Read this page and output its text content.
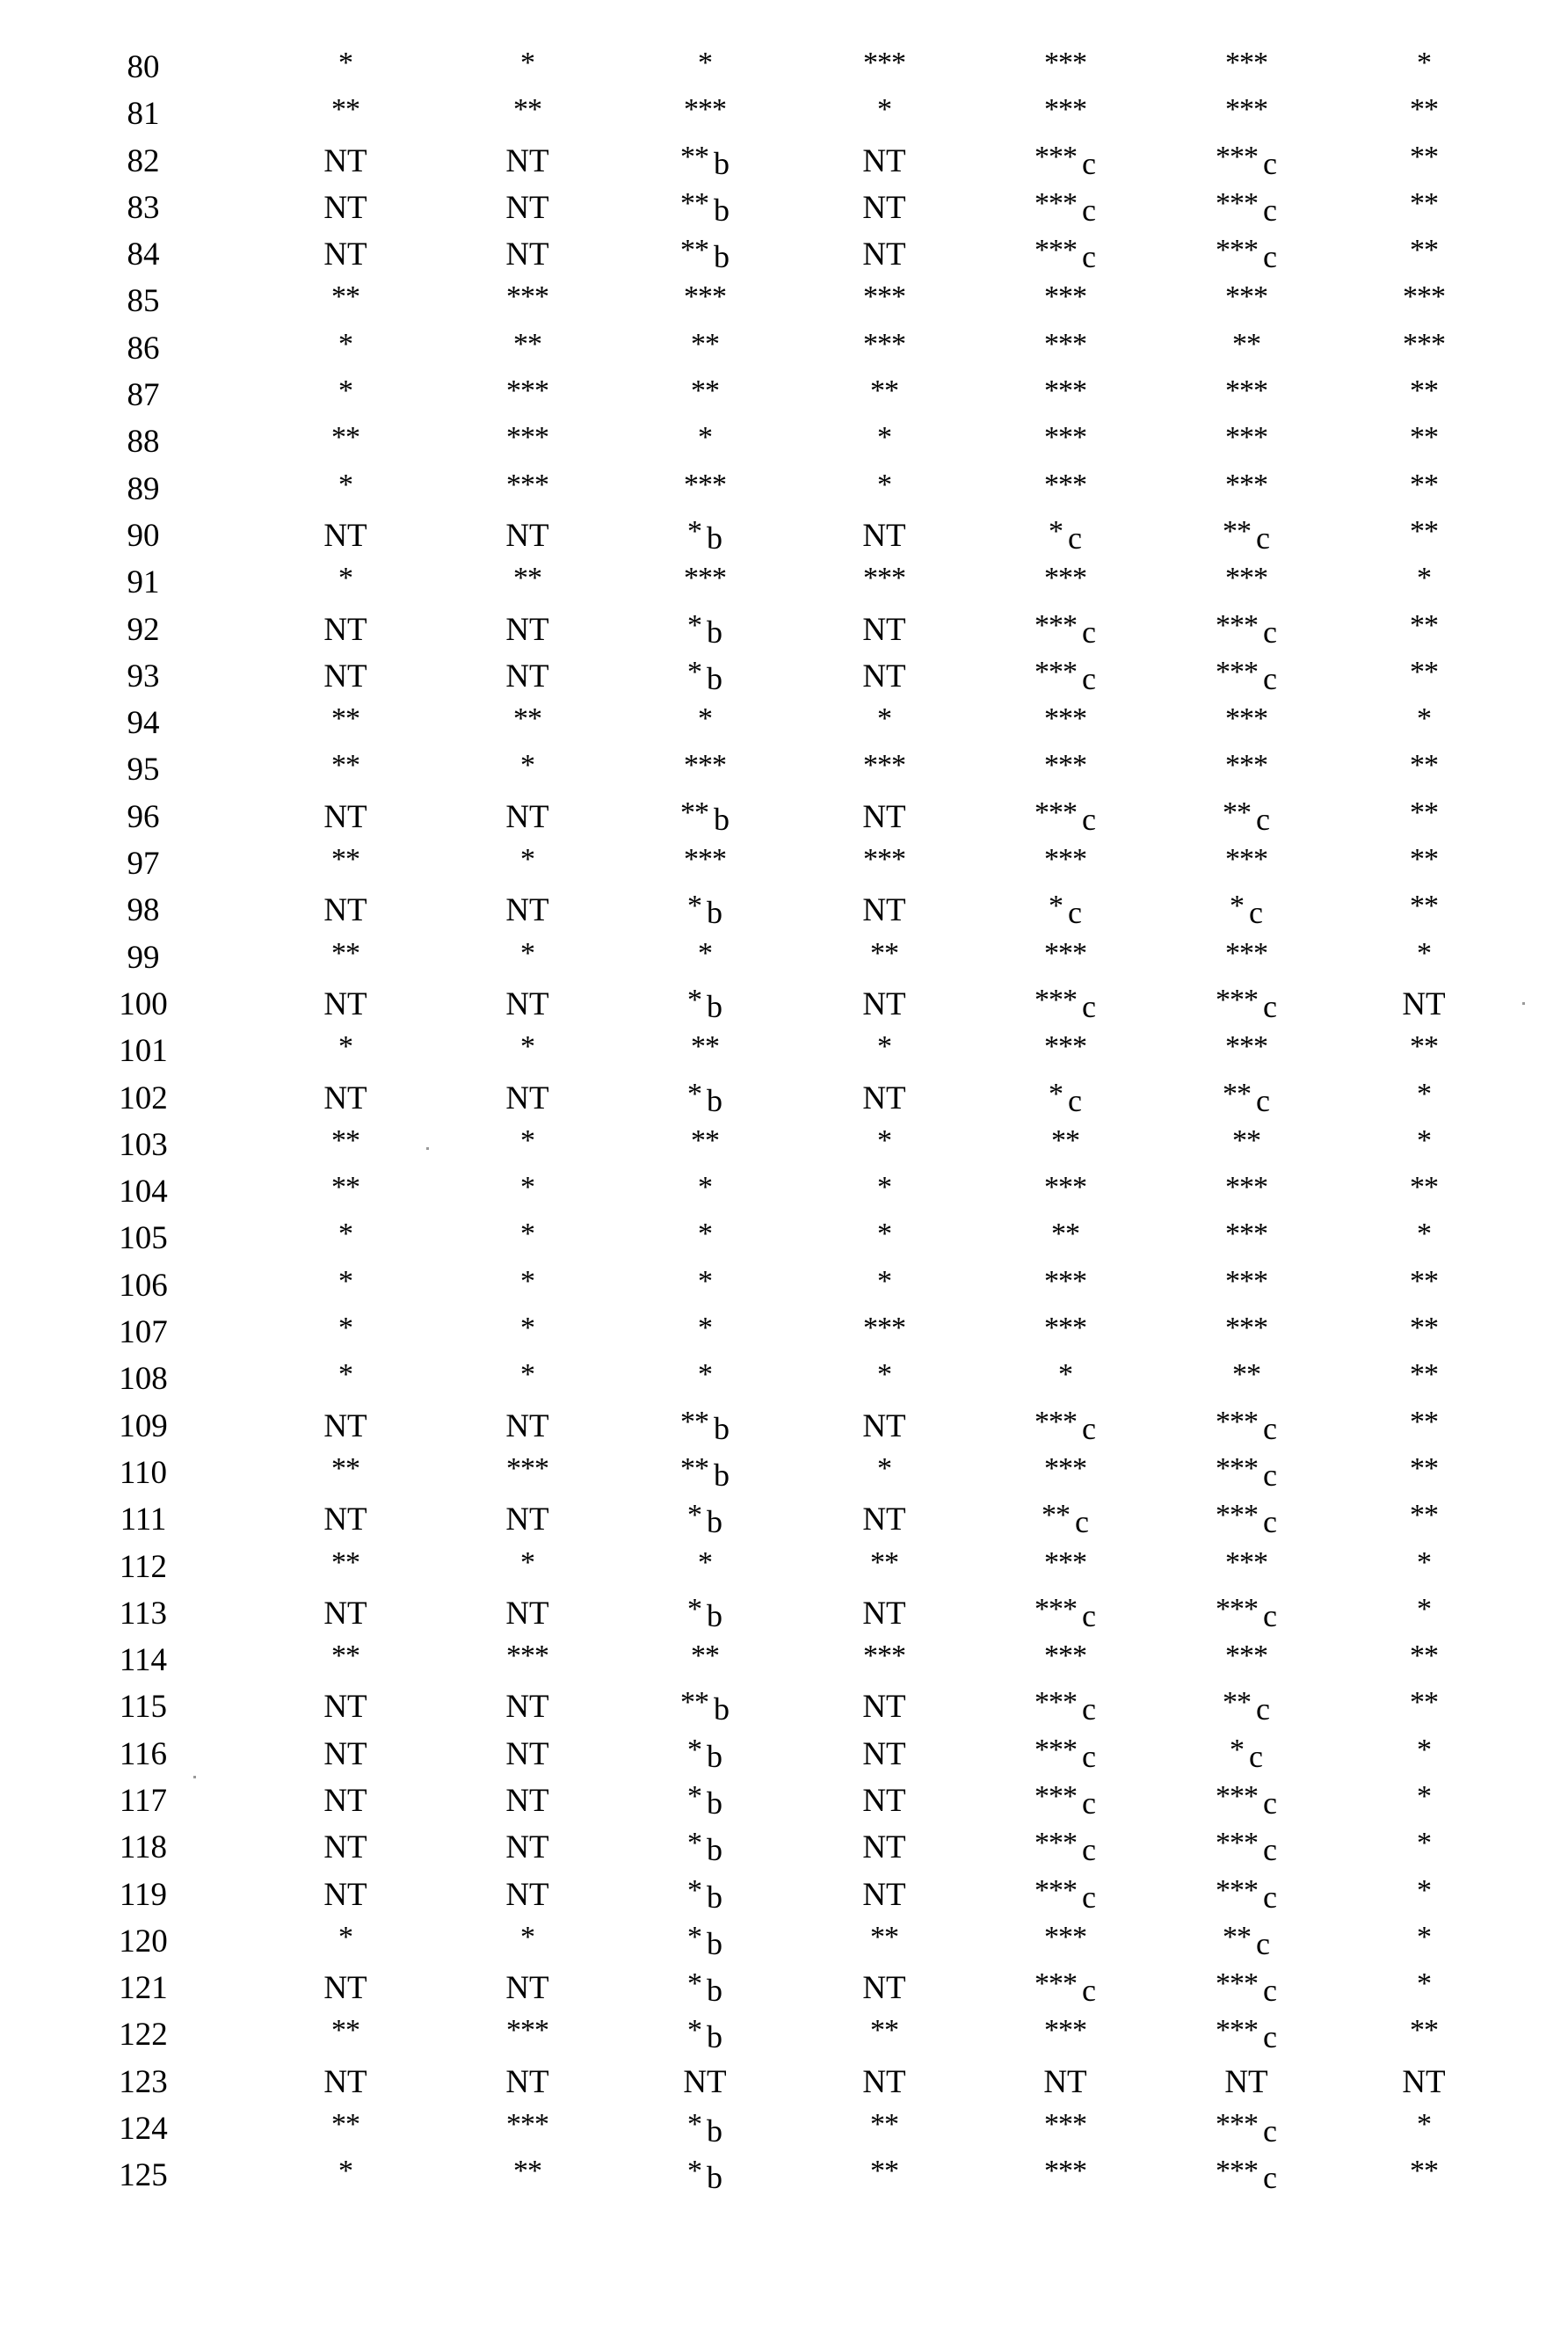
80	*	*	*	***	***	***	*
81	**	**	***	*	***	***	**
82	NT	NT	** b	NT	*** c	*** c	**
83	NT	NT	** b	NT	*** c	*** c	**
84	NT	NT	** b	NT	*** c	*** c	**
85	**	***	***	***	***	***	***
86	*	**	**	***	***	**	***
87	*	***	**	**	***	***	**
88	**	***	*	*	***	***	**
89	*	***	***	*	***	***	**
90	NT	NT	* b	NT	* c	** c	**
91	*	**	***	***	***	***	*
92	NT	NT	* b	NT	*** c	*** c	**
93	NT	NT	* b	NT	*** c	*** c	**
94	**	**	*	*	***	***	*
95	**	*	***	***	***	***	**
96	NT	NT	** b	NT	*** c	** c	**
97	**	*	***	***	***	***	**
98	NT	NT	* b	NT	* c	* c	**
99	**	*	*	**	***	***	*
100	NT	NT	* b	NT	*** c	*** c	NT
101	*	*	**	*	***	***	**
102	NT	NT	* b	NT	* c	** c	*
103	**	*	**	*	**	**	*
104	**	*	*	*	***	***	**
105	*	*	*	*	**	***	*
106	*	*	*	*	***	***	**
107	*	*	*	***	***	***	**
108	*	*	*	*	*	**	**
109	NT	NT	** b	NT	*** c	*** c	**
110	**	***	** b	*	***	*** c	**
111	NT	NT	* b	NT	** c	*** c	**
112	**	*	*	**	***	***	*
113	NT	NT	* b	NT	*** c	*** c	*
114	**	***	**	***	***	***	**
115	NT	NT	** b	NT	*** c	** c	**
116	NT	NT	* b	NT	*** c	* c	*
117	NT	NT	* b	NT	*** c	*** c	*
118	NT	NT	* b	NT	*** c	*** c	*
119	NT	NT	* b	NT	*** c	*** c	*
120	*	*	* b	**	***	** c	*
121	NT	NT	* b	NT	*** c	*** c	*
122	**	***	* b	**	***	*** c	**
123	NT	NT	NT	NT	NT	NT	NT
124	**	***	* b	**	***	*** c	*
125	*	**	* b	**	***	*** c	**
